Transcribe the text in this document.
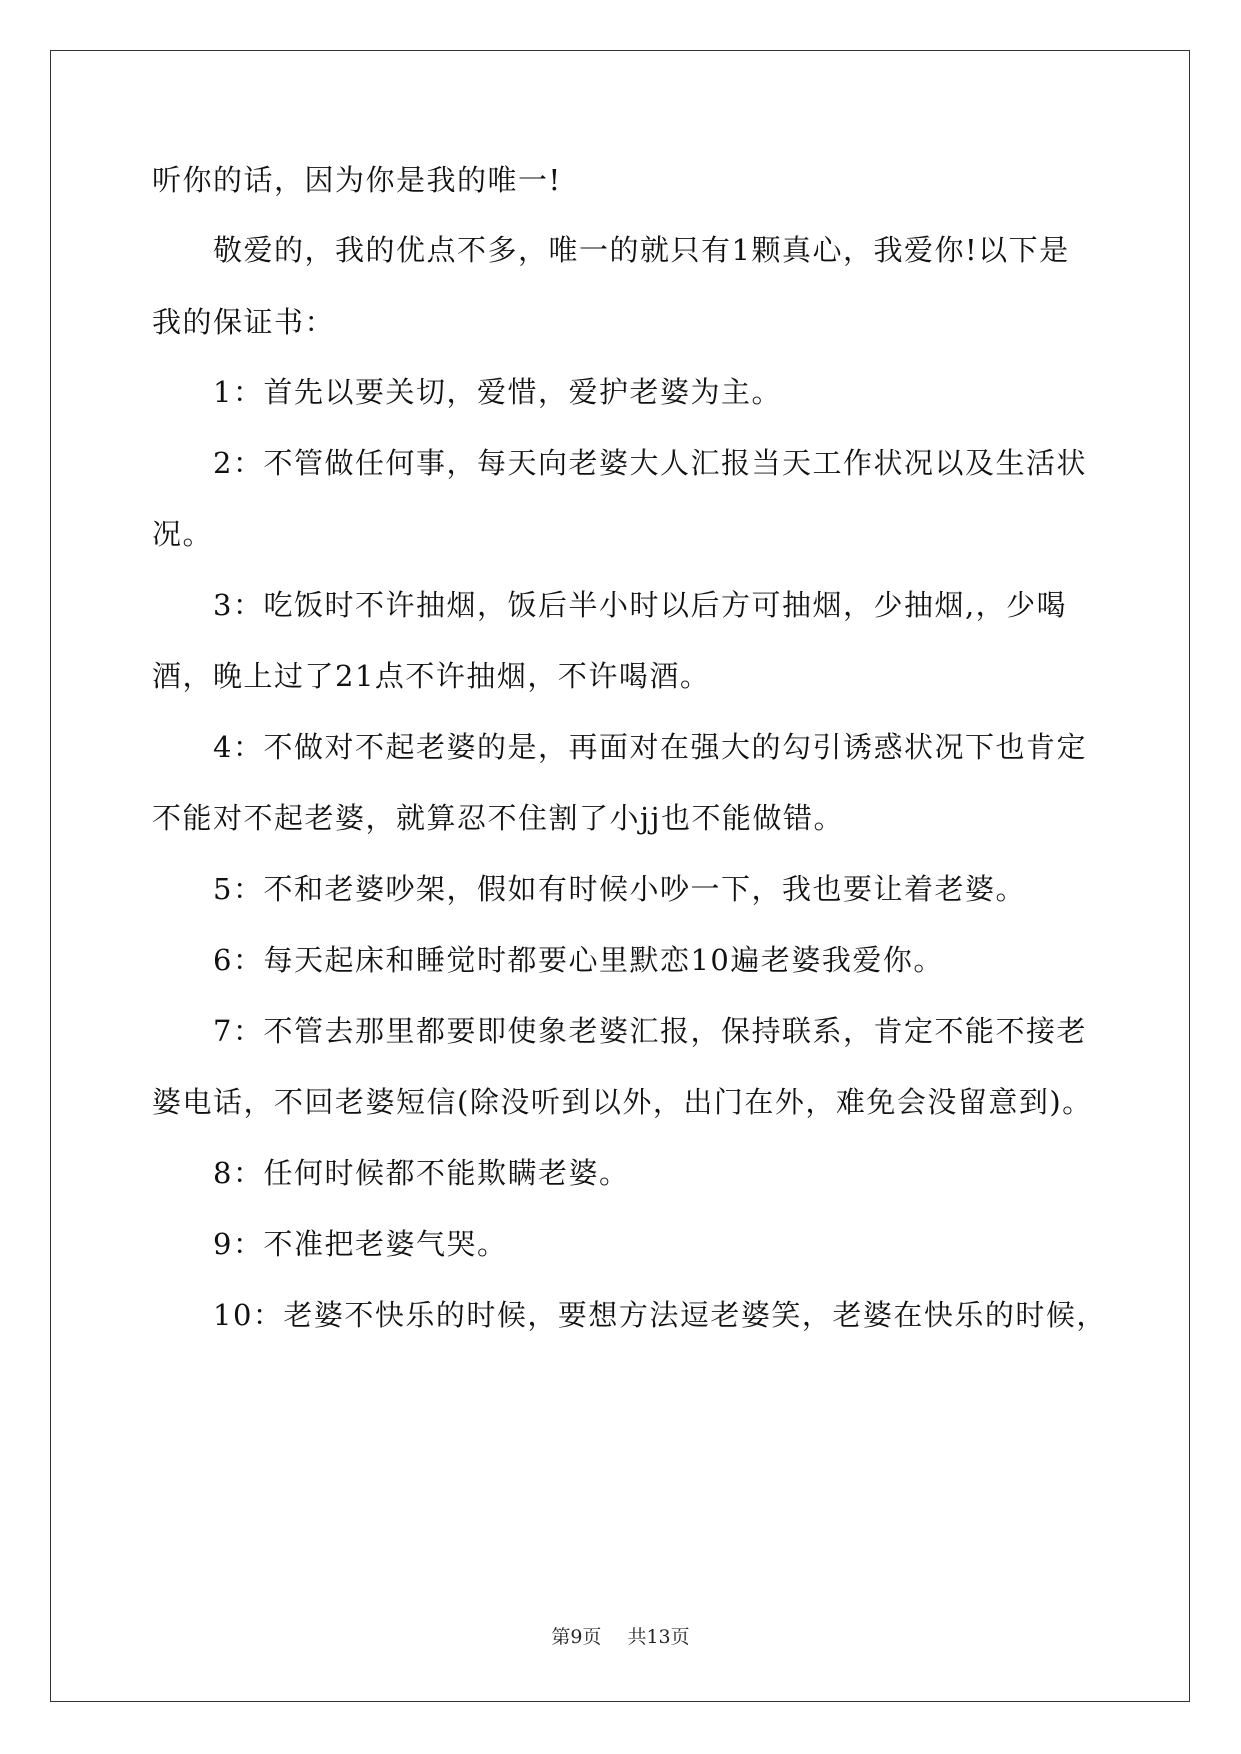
听你的话，因为你是我的唯一!
敬爱的，我的优点不多，唯一的就只有1颗真心，我爱你!以下是
我的保证书：
1：首先以要关切，爱惜，爱护老婆为主。
2：不管做任何事，每天向老婆大人汇报当天工作状况以及生活状
况。
3：吃饭时不许抽烟，饭后半小时以后方可抽烟，少抽烟,，少喝
酒，晚上过了21点不许抽烟，不许喝酒。
4：不做对不起老婆的是，再面对在强大的勾引诱惑状况下也肯定
不能对不起老婆，就算忍不住割了小jj也不能做错。
5：不和老婆吵架，假如有时候小吵一下，我也要让着老婆。
6：每天起床和睡觉时都要心里默恋10遍老婆我爱你。
7：不管去那里都要即使象老婆汇报，保持联系，肯定不能不接老
婆电话，不回老婆短信(除没听到以外，出门在外，难免会没留意到)。
8：任何时候都不能欺瞒老婆。
9：不准把老婆气哭。
10：老婆不快乐的时候，要想方法逗老婆笑，老婆在快乐的时候，
第9页 共13页
